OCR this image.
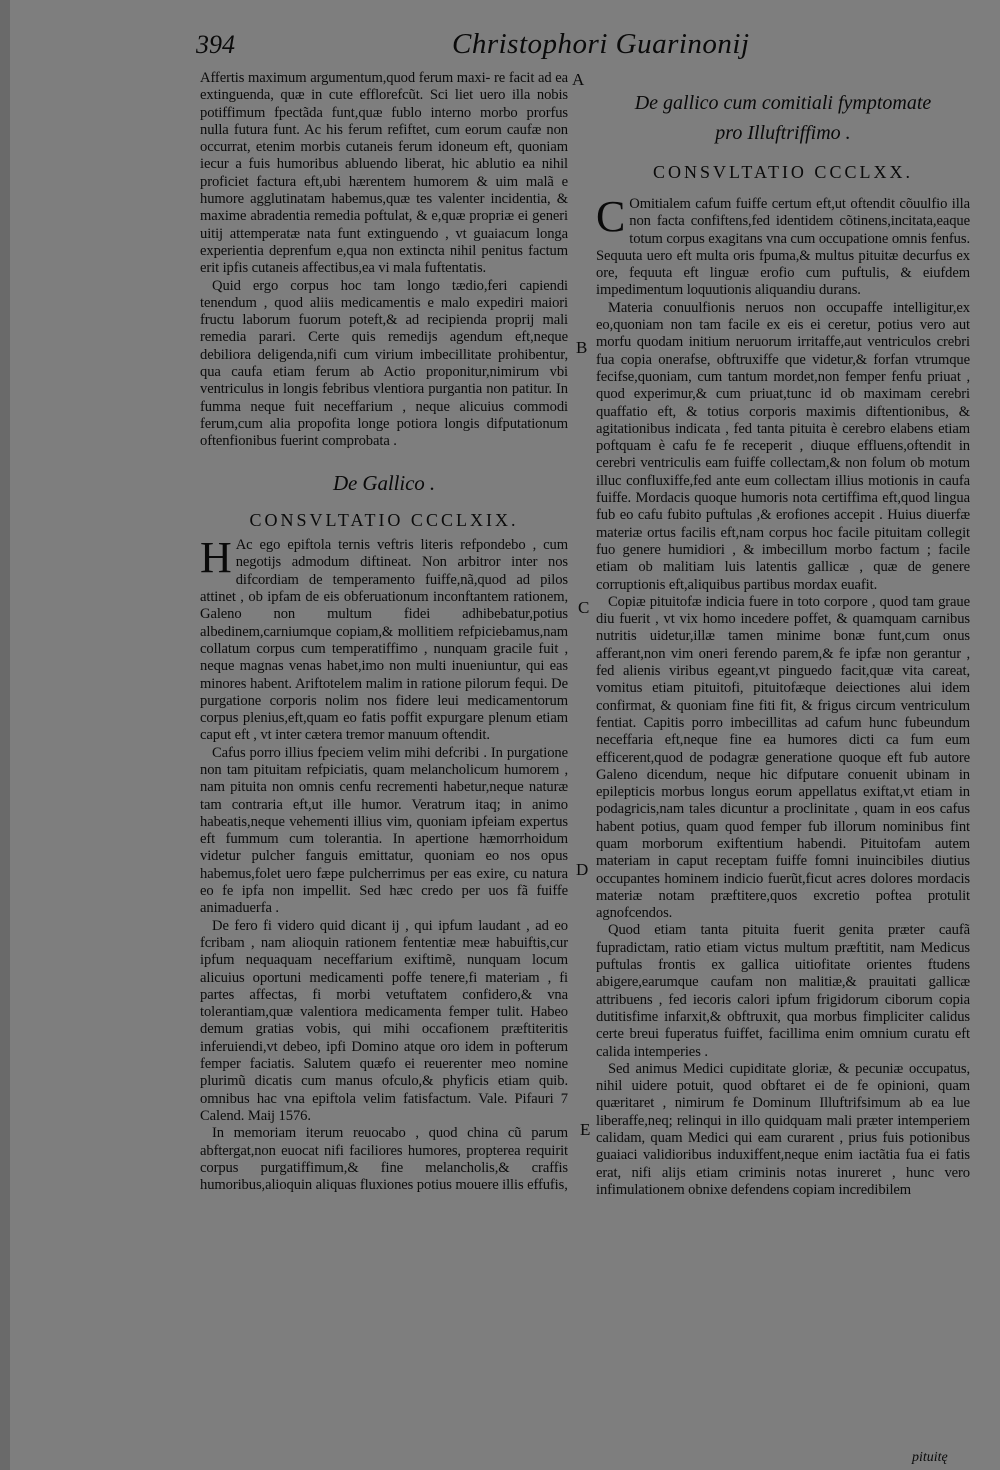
394	Christophori Guarinonij
A
B
C
D
E

Affertis maximum argumentum,quod ferum maxi- re facit ad ea extinguenda, quæ in cute efflorefcũt. Sci liet uero illa nobis potiffimum fpectãda funt,quæ fublo interno morbo prorfus nulla futura funt. Ac his ferum refiftet, cum eorum caufæ non occurrat, etenim morbis cutaneis ferum idoneum eft, quoniam iecur a fuis humoribus abluendo liberat, hic ablutio ea nihil proficiet factura eft,ubi hærentem humorem & uim malã e humore agglutinatam habemus,quæ tes valenter incidentia, & maxime abradentia remedia poftulat, & e,quæ propriæ ei generi uitij attemperatæ nata funt extinguendo , vt guaiacum longa experientia deprenfum e,qua non extincta nihil penitus factum erit ipfis cutaneis affectibus,ea vi mala fuftentatis.

Quid ergo corpus hoc tam longo tædio,feri capiendi tenendum , quod aliis medicamentis e malo expediri maiori fructu laborum fuorum poteft,& ad recipienda proprij mali remedia parari. Certe quis remedijs agendum eft,neque debiliora deligenda,nifi cum virium imbecillitate prohibentur, qua caufa etiam ferum ab Actio proponitur,nimirum vbi ventriculus in longis febribus vlentiora purgantia non patitur. In fumma neque fuit neceffarium , neque alicuius commodi ferum,cum alia propofita longe potiora longis difputationum oftenfionibus fuerint comprobata .

De Gallico .
CONSVLTATIO CCCLXIX.

H Ac ego epiftola ternis veftris literis refpondebo , cum negotijs admodum diftineat. Non arbitror inter nos difcordiam de temperamento fuiffe,nã,quod ad pilos attinet , ob ipfam de eis obferuationum inconftantem rationem, Galeno non multum fidei adhibebatur,potius albedinem,carniumque copiam,& mollitiem refpiciebamus,nam collatum corpus cum temperatiffimo , nunquam gracile fuit , neque magnas venas habet,imo non multi inueniuntur, qui eas minores habent. Ariftotelem malim in ratione pilorum fequi. De purgatione corporis nolim nos fidere leui medicamentorum corpus plenius,eft,quam eo fatis poffit expurgare plenum etiam caput eft , vt inter cætera tremor manuum oftendit.

Cafus porro illius fpeciem velim mihi defcribi . In purgatione non tam pituitam refpiciatis, quam melancholicum humorem , nam pituita non omnis cenfu recrementi habetur,neque naturæ tam contraria eft,ut ille humor. Veratrum itaq; in animo habeatis,neque vehementi illius vim, quoniam ipfeiam expertus eft fummum cum tolerantia. In apertione hæmorrhoidum videtur pulcher fanguis emittatur, quoniam eo nos opus habemus,folet uero fæpe pulcherrimus per eas exire, cu natura eo fe ipfa non impellit. Sed hæc credo per uos fã fuiffe animaduerfa .

De fero fi videro quid dicant ij , qui ipfum laudant , ad eo fcribam , nam alioquin rationem fententiæ meæ habuiftis,cur ipfum nequaquam neceffarium exiftimẽ, nunquam locum alicuius oportuni medicamenti poffe tenere,fi materiam , fi partes affectas, fi morbi vetuftatem confidero,& vna tolerantiam,quæ valentiora medicamenta femper tulit. Habeo demum gratias vobis, qui mihi occafionem præftiteritis inferuiendi,vt debeo, ipfi Domino atque oro idem in pofterum femper faciatis. Salutem quæfo ei reuerenter meo nomine plurimũ dicatis cum manus ofculo,& phyficis etiam quib. omnibus hac vna epiftola velim fatisfactum. Vale. Pifauri 7 Calend. Maij 1576.

In memoriam iterum reuocabo , quod china cũ parum abftergat,non euocat nifi faciliores humores, propterea requirit corpus purgatiffimum,& fine melancholis,& craffis humoribus,alioquin aliquas fluxiones potius mouere illis effufis,

De gallico cum comitiali fymptomate
pro Illuftriffimo .
CONSVLTATIO CCCLXX.

C Omitialem cafum fuiffe certum eft,ut oftendit cõuulfio illa non facta confiftens,fed identidem cõtinens,incitata,eaque totum corpus exagitans vna cum occupatione omnis fenfus. Sequuta uero eft multa oris fpuma,& multus pituitæ decurfus ex ore, fequuta eft linguæ erofio cum puftulis, & eiufdem impedimentum loquutionis aliquandiu durans.

Materia conuulfionis neruos non occupaffe intelligitur,ex eo,quoniam non tam facile ex eis ei ceretur, potius vero aut morfu quodam initium neruorum irritaffe,aut ventriculos crebri fua copia onerafse, obftruxiffe que videtur,& forfan vtrumque fecifse,quoniam, cum tantum mordet,non femper fenfu priuat , quod experimur,& cum priuat,tunc id ob maximam cerebri quaffatio eft, & totius corporis maximis diftentionibus, & agitationibus indicata , fed tanta pituita è cerebro elabens etiam poftquam è cafu fe fe receperit , diuque effluens,oftendit in cerebri ventriculis eam fuiffe collectam,& non folum ob motum illuc confluxiffe,fed ante eum collectam illius motionis in caufa fuiffe. Mordacis quoque humoris nota certiffima eft,quod lingua fub eo cafu fubito puftulas ,& erofiones accepit . Huius diuerfæ materiæ ortus facilis eft,nam corpus hoc facile pituitam collegit fuo genere humidiori , & imbecillum morbo factum ; facile etiam ob malitiam luis latentis gallicæ , quæ de genere corruptionis eft,aliquibus partibus mordax euafit.

Copiæ pituitofæ indicia fuere in toto corpore , quod tam graue diu fuerit , vt vix homo incedere poffet, & quamquam carnibus nutritis uidetur,illæ tamen minime bonæ funt,cum onus afferant,non vim oneri ferendo parem,& fe ipfæ non gerantur , fed alienis viribus egeant,vt pinguedo facit,quæ vita careat, vomitus etiam pituitofi, pituitofæque deiectiones alui idem confirmat, & quoniam fine fiti fit, & frigus circum ventriculum fentiat. Capitis porro imbecillitas ad cafum hunc fubeundum neceffaria eft,neque fine ea humores dicti ca fum eum efficerent,quod de podagræ generatione quoque eft fub autore Galeno dicendum, neque hic difputare conuenit ubinam in epilepticis morbus longus eorum appellatus exiftat,vt etiam in podagricis,nam tales dicuntur a proclinitate , quam in eos cafus habent potius, quam quod femper fub illorum nominibus fint quam morborum exiftentium habendi. Pituitofam autem materiam in caput receptam fuiffe fomni inuincibiles diutius occupantes hominem indicio fuerũt,ficut acres dolores mordacis materiæ notam præftitere,quos excretio poftea protulit agnofcendos.

Quod etiam tanta pituita fuerit genita præter caufã fupradictam, ratio etiam victus multum præftitit, nam Medicus puftulas frontis ex gallica uitiofitate orientes ftudens abigere,earumque caufam non malitiæ,& prauitati gallicæ attribuens , fed iecoris calori ipfum frigidorum ciborum copia dutitisfime infarxit,& obftruxit, qua morbus fimpliciter calidus certe breui fuperatus fuiffet, facillima enim omnium curatu eft calida intemperies .

Sed animus Medici cupiditate gloriæ, & pecuniæ occupatus, nihil uidere potuit, quod obftaret ei de fe opinioni, quam quæritaret , nimirum fe Dominum Illuftrifsimum ab ea lue liberaffe,neq; relinqui in illo quidquam mali præter intemperiem calidam, quam Medici qui eam curarent , prius fuis potionibus guaiaci validioribus induxiffent,neque enim iactãtia fua ei fatis erat, nifi alijs etiam criminis notas inureret , hunc vero infimulationem obnixe defendens copiam incredibilem

pituitę
